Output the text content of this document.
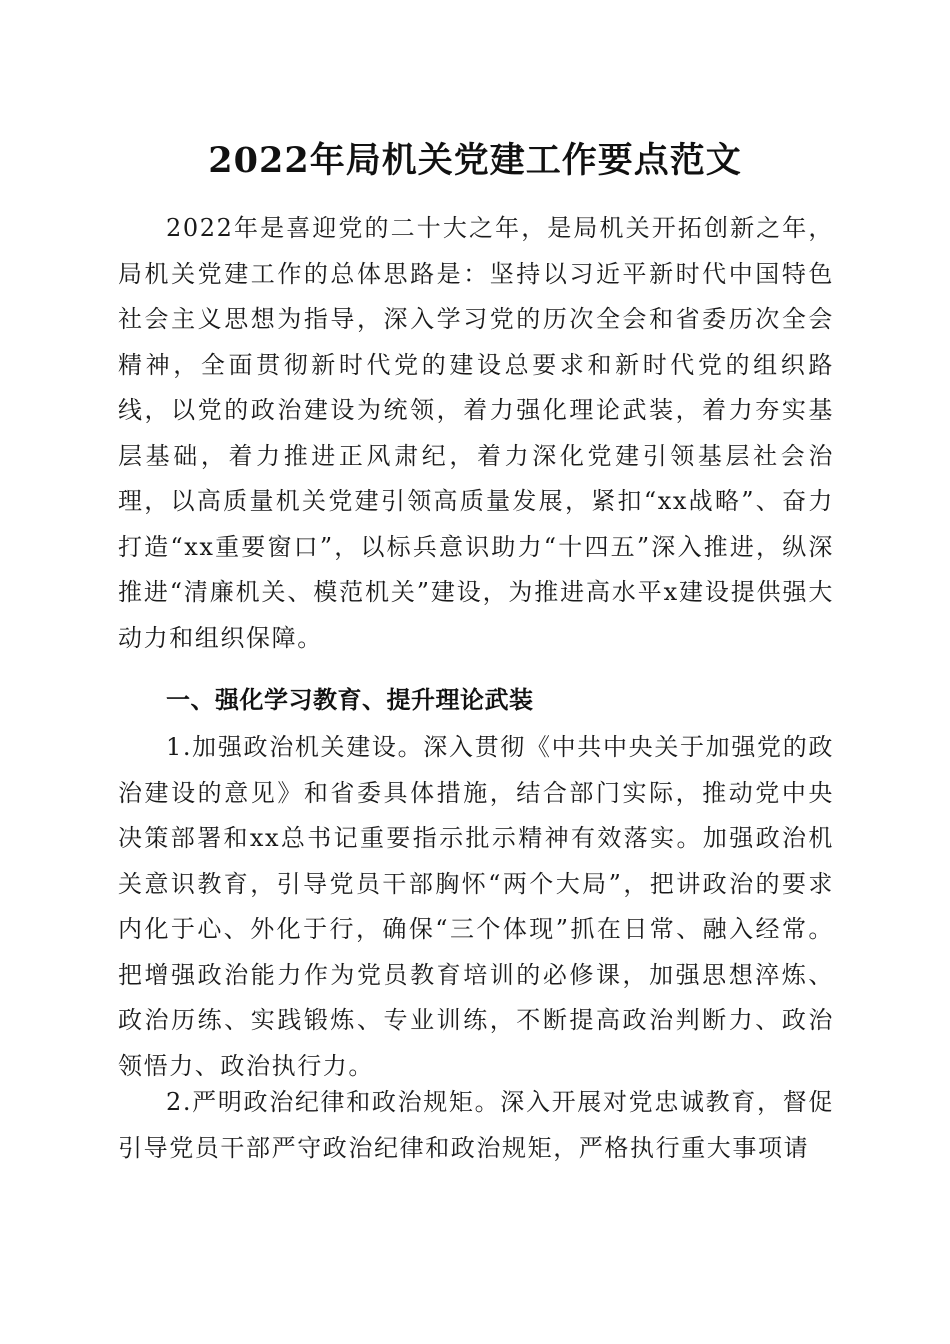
2022年局机关党建工作要点范文

2022年是喜迎党的二十大之年，是局机关开拓创新之年，局机关党建工作的总体思路是：坚持以习近平新时代中国特色社会主义思想为指导，深入学习党的历次全会和省委历次全会精神，全面贯彻新时代党的建设总要求和新时代党的组织路线，以党的政治建设为统领，着力强化理论武装，着力夯实基层基础，着力推进正风肃纪，着力深化党建引领基层社会治理，以高质量机关党建引领高质量发展，紧扣“xx战略”、奋力打造“xx重要窗口”，以标兵意识助力“十四五”深入推进，纵深推进“清廉机关、模范机关”建设，为推进高水平x建设提供强大动力和组织保障。

一、强化学习教育、提升理论武装

1.加强政治机关建设。深入贯彻《中共中央关于加强党的政治建设的意见》和省委具体措施，结合部门实际，推动党中央决策部署和xx总书记重要指示批示精神有效落实。加强政治机关意识教育，引导党员干部胸怀“两个大局”，把讲政治的要求内化于心、外化于行，确保“三个体现”抓在日常、融入经常。把增强政治能力作为党员教育培训的必修课，加强思想淬炼、政治历练、实践锻炼、专业训练，不断提高政治判断力、政治领悟力、政治执行力。

2.严明政治纪律和政治规矩。深入开展对党忠诚教育，督促引导党员干部严守政治纪律和政治规矩，严格执行重大事项请
